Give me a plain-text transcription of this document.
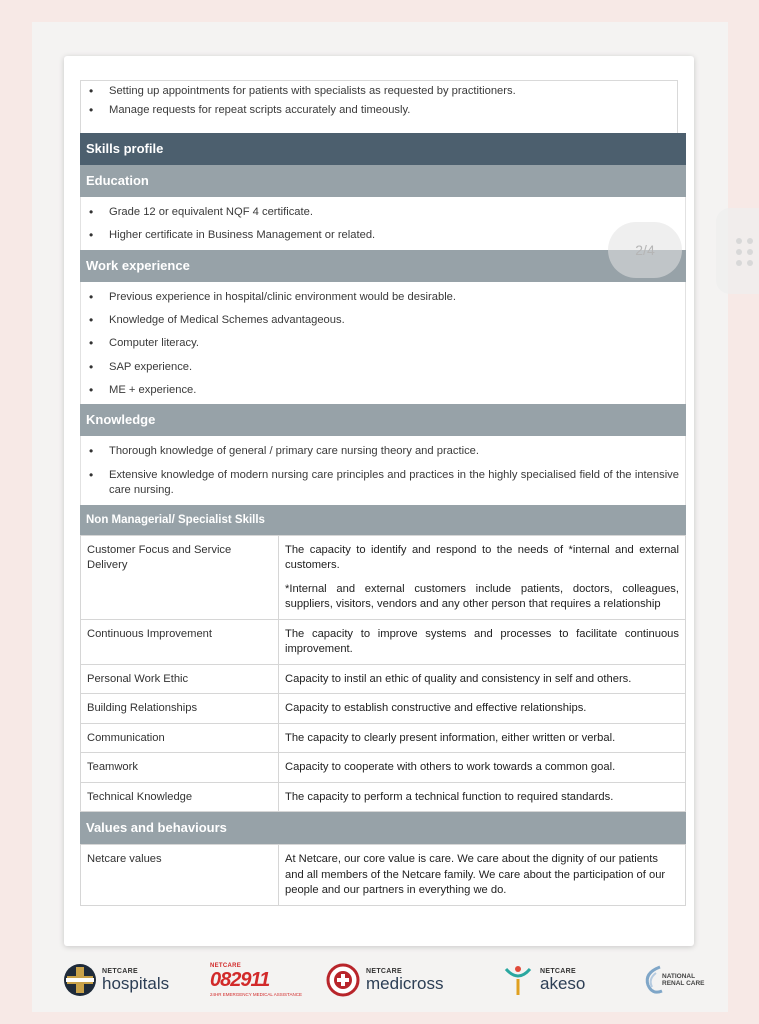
• Setting up appointments for patients with specialists as requested by practitioners.
• Manage requests for repeat scripts accurately and timeously.
Skills profile
Education
• Grade 12 or equivalent NQF 4 certificate.
• Higher certificate in Business Management or related.
Work experience
• Previous experience in hospital/clinic environment would be desirable.
• Knowledge of Medical Schemes advantageous.
• Computer literacy.
• SAP experience.
• ME + experience.
Knowledge
• Thorough knowledge of general / primary care nursing theory and practice.
• Extensive knowledge of modern nursing care principles and practices in the highly specialised field of the intensive care nursing.
Non Managerial/ Specialist Skills
Customer Focus and Service Delivery	The capacity to identify and respond to the needs of *internal and external customers.

*Internal and external customers include patients, doctors, colleagues, suppliers, visitors, vendors and any other person that requires a relationship

Continuous Improvement	The capacity to improve systems and processes to facilitate continuous improvement.
Personal Work Ethic	Capacity to instil an ethic of quality and consistency in self and others.
Building Relationships	Capacity to establish constructive and effective relationships.
Communication	The capacity to clearly present information, either written or verbal.
Teamwork	Capacity to cooperate with others to work towards a common goal.
Technical Knowledge	The capacity to perform a technical function to required standards.
Values and behaviours
Netcare values	At Netcare, our core value is care. We care about the dignity of our patients and all members of the Netcare family. We care about the participation of our people and our partners in everything we do.
2/4
NETCARE
hospitals
NETCARE
082911
24HR EMERGENCY MEDICAL ASSISTANCE
NETCARE
medicross
NETCARE
akeso	NATIONAL
RENAL CARE
